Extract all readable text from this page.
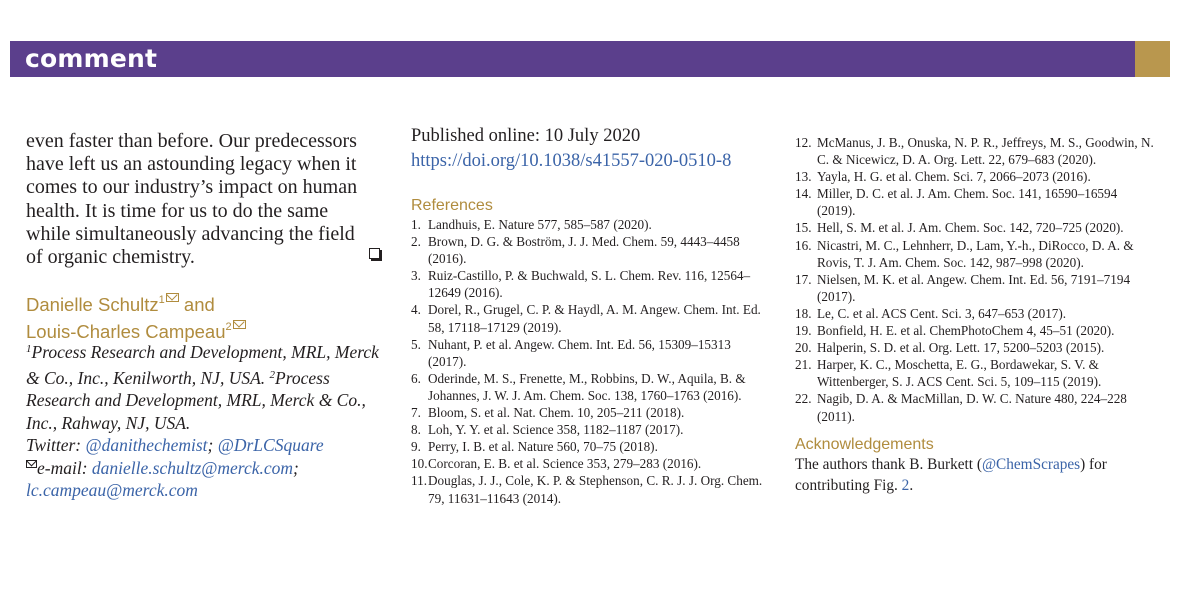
comment

even faster than before. Our predecessors have left us an astounding legacy when it comes to our industry’s impact on human health. It is time for us to do the same while simultaneously advancing the field of organic chemistry.

Danielle Schultz$^1$ and
Louis-Charles Campeau$^2$
$^1$Process Research and Development, MRL, Merck & Co., Inc., Kenilworth, NJ, USA. $^2$Process Research and Development, MRL, Merck & Co., Inc., Rahway, NJ, USA.
Twitter: @danithechemist; @DrLCSquare
e-mail: danielle.schultz@merck.com;
lc.campeau@merck.com
Published online: 10 July 2020
https://doi.org/10.1038/s41557-020-0510-8
References
1. Landhuis, E. Nature 577, 585–587 (2020).
2. Brown, D. G. & Boström, J. J. Med. Chem. 59, 4443–4458 (2016).
3. Ruiz-Castillo, P. & Buchwald, S. L. Chem. Rev. 116, 12564–12649 (2016).
4. Dorel, R., Grugel, C. P. & Haydl, A. M. Angew. Chem. Int. Ed. 58, 17118–17129 (2019).
5. Nuhant, P. et al. Angew. Chem. Int. Ed. 56, 15309–15313 (2017).
6. Oderinde, M. S., Frenette, M., Robbins, D. W., Aquila, B. & Johannes, J. W. J. Am. Chem. Soc. 138, 1760–1763 (2016).
7. Bloom, S. et al. Nat. Chem. 10, 205–211 (2018).
8. Loh, Y. Y. et al. Science 358, 1182–1187 (2017).
9. Perry, I. B. et al. Nature 560, 70–75 (2018).
10. Corcoran, E. B. et al. Science 353, 279–283 (2016).
11. Douglas, J. J., Cole, K. P. & Stephenson, C. R. J. J. Org. Chem. 79, 11631–11643 (2014).
12. McManus, J. B., Onuska, N. P. R., Jeffreys, M. S., Goodwin, N. C. & Nicewicz, D. A. Org. Lett. 22, 679–683 (2020).
13. Yayla, H. G. et al. Chem. Sci. 7, 2066–2073 (2016).
14. Miller, D. C. et al. J. Am. Chem. Soc. 141, 16590–16594 (2019).
15. Hell, S. M. et al. J. Am. Chem. Soc. 142, 720–725 (2020).
16. Nicastri, M. C., Lehnherr, D., Lam, Y.-h., DiRocco, D. A. & Rovis, T. J. Am. Chem. Soc. 142, 987–998 (2020).
17. Nielsen, M. K. et al. Angew. Chem. Int. Ed. 56, 7191–7194 (2017).
18. Le, C. et al. ACS Cent. Sci. 3, 647–653 (2017).
19. Bonfield, H. E. et al. ChemPhotoChem 4, 45–51 (2020).
20. Halperin, S. D. et al. Org. Lett. 17, 5200–5203 (2015).
21. Harper, K. C., Moschetta, E. G., Bordawekar, S. V. & Wittenberger, S. J. ACS Cent. Sci. 5, 109–115 (2019).
22. Nagib, D. A. & MacMillan, D. W. C. Nature 480, 224–228 (2011).
Acknowledgements
The authors thank B. Burkett (@ChemScrapes) for contributing Fig. 2.
